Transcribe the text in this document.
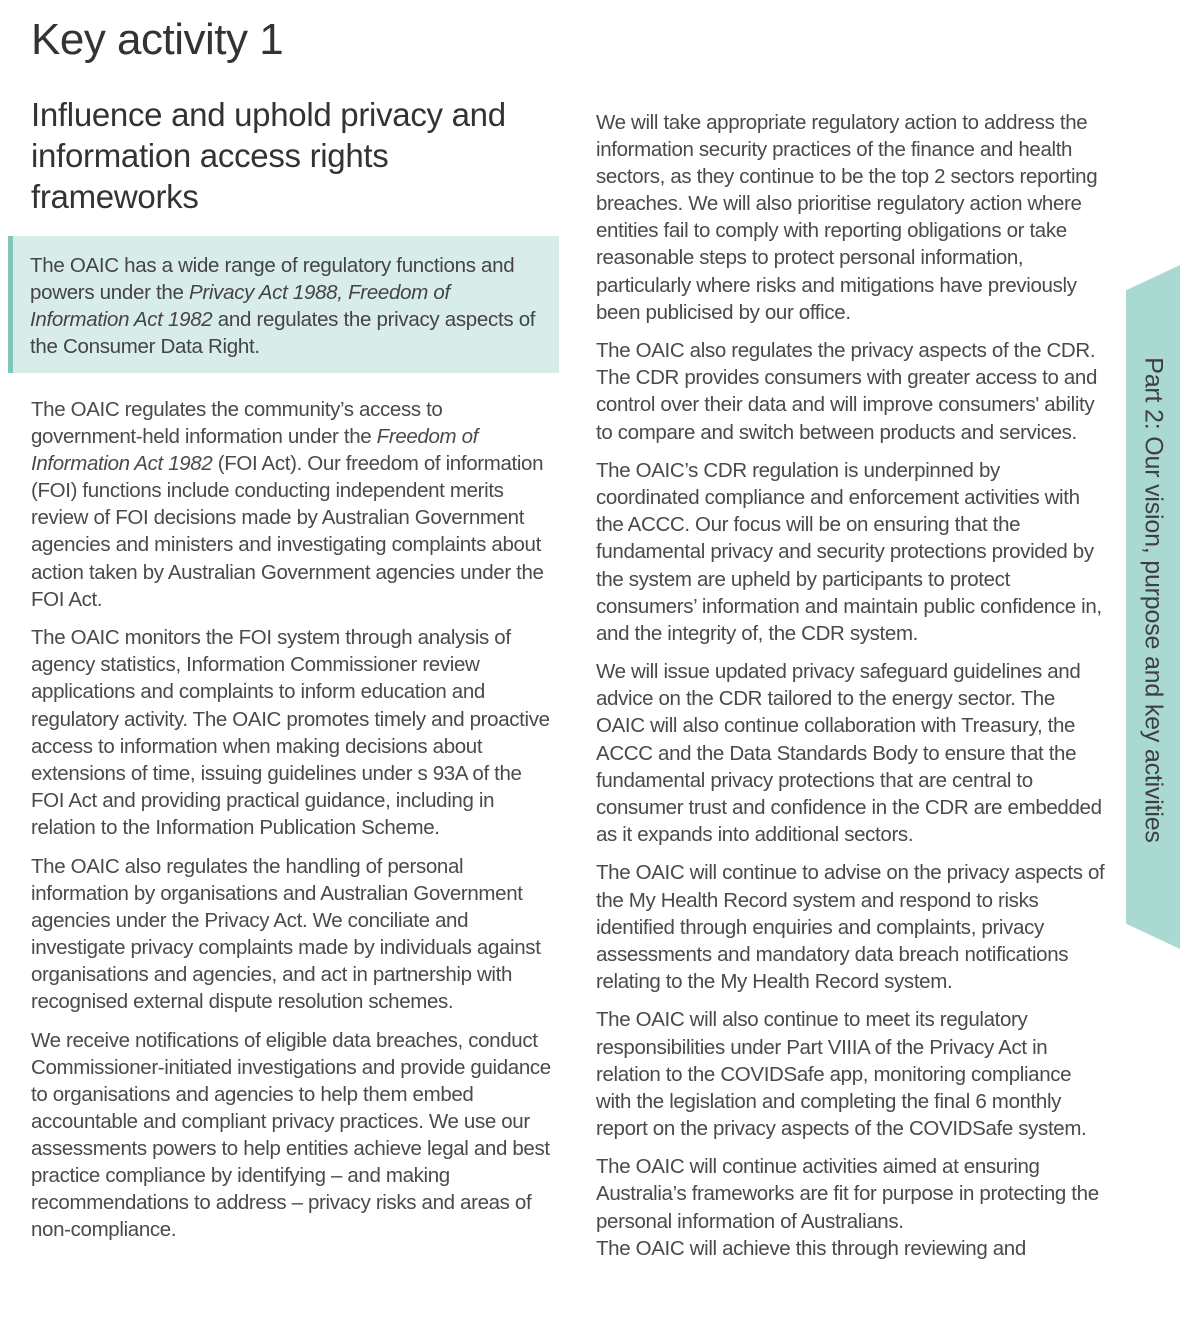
Key activity 1
Influence and uphold privacy and information access rights frameworks

The OAIC has a wide range of regulatory functions and powers under the Privacy Act 1988, Freedom of Information Act 1982 and regulates the privacy aspects of the Consumer Data Right.

The OAIC regulates the community’s access to government-held information under the Freedom of Information Act 1982 (FOI Act). Our freedom of information (FOI) functions include conducting independent merits review of FOI decisions made by Australian Government agencies and ministers and investigating complaints about action taken by Australian Government agencies under the FOI Act.

The OAIC monitors the FOI system through analysis of agency statistics, Information Commissioner review applications and complaints to inform education and regulatory activity. The OAIC promotes timely and proactive access to information when making decisions about extensions of time, issuing guidelines under s 93A of the FOI Act and providing practical guidance, including in relation to the Information Publication Scheme.

The OAIC also regulates the handling of personal information by organisations and Australian Government agencies under the Privacy Act. We conciliate and investigate privacy complaints made by individuals against organisations and agencies, and act in partnership with recognised external dispute resolution schemes.

We receive notifications of eligible data breaches, conduct Commissioner-initiated investigations and provide guidance to organisations and agencies to help them embed accountable and compliant privacy practices. We use our assessments powers to help entities achieve legal and best practice compliance by identifying – and making recommendations to address – privacy risks and areas of non-compliance.

We will take appropriate regulatory action to address the information security practices of the finance and health sectors, as they continue to be the top 2 sectors reporting breaches. We will also prioritise regulatory action where entities fail to comply with reporting obligations or take reasonable steps to protect personal information, particularly where risks and mitigations have previously been publicised by our office.

The OAIC also regulates the privacy aspects of the CDR. The CDR provides consumers with greater access to and control over their data and will improve consumers' ability to compare and switch between products and services.

The OAIC’s CDR regulation is underpinned by coordinated compliance and enforcement activities with the ACCC. Our focus will be on ensuring that the fundamental privacy and security protections provided by the system are upheld by participants to protect consumers’ information and maintain public confidence in, and the integrity of, the CDR system.

We will issue updated privacy safeguard guidelines and advice on the CDR tailored to the energy sector. The OAIC will also continue collaboration with Treasury, the ACCC and the Data Standards Body to ensure that the fundamental privacy protections that are central to consumer trust and confidence in the CDR are embedded as it expands into additional sectors.

The OAIC will continue to advise on the privacy aspects of the My Health Record system and respond to risks identified through enquiries and complaints, privacy assessments and mandatory data breach notifications relating to the My Health Record system.

The OAIC will also continue to meet its regulatory responsibilities under Part VIIIA of the Privacy Act in relation to the COVIDSafe app, monitoring compliance with the legislation and completing the final 6 monthly report on the privacy aspects of the COVIDSafe system.

The OAIC will continue activities aimed at ensuring Australia’s frameworks are fit for purpose in protecting the personal information of Australians.

The OAIC will achieve this through reviewing and

Part 2: Our vision, purpose and key activities
